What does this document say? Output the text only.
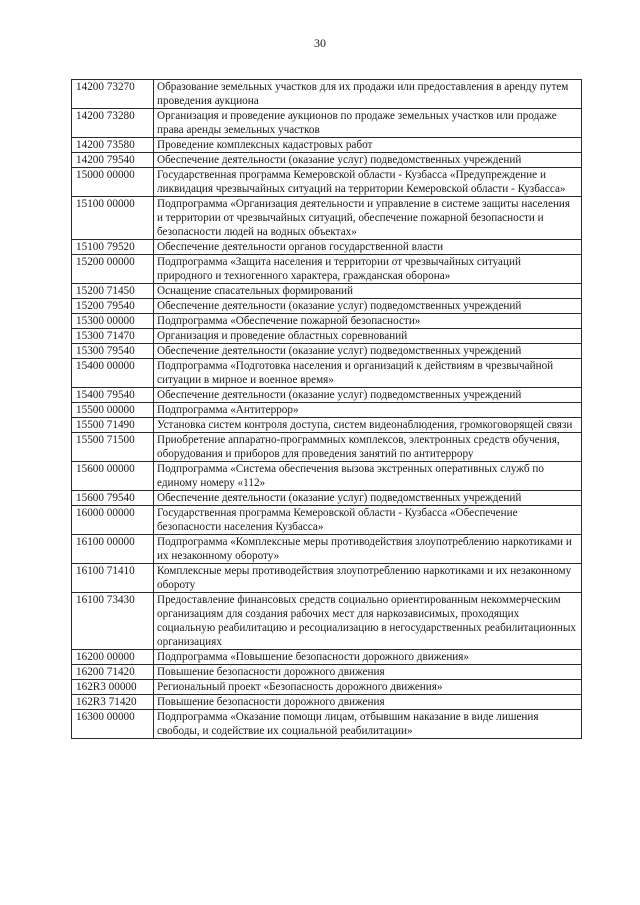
30
14200 73270	Образование земельных участков для их продажи или предоставления в аренду путем проведения аукциона
14200 73280	Организация и проведение аукционов по продаже земельных участков или продаже права аренды земельных участков
14200 73580	Проведение комплексных кадастровых работ
14200 79540	Обеспечение деятельности (оказание услуг) подведомственных учреждений
15000 00000	Государственная программа Кемеровской области - Кузбасса «Предупреждение и ликвидация чрезвычайных ситуаций на территории Кемеровской области - Кузбасса»
15100 00000	Подпрограмма «Организация деятельности и управление в системе защиты населения и территории от чрезвычайных ситуаций, обеспечение пожарной безопасности и безопасности людей на водных объектах»
15100 79520	Обеспечение деятельности органов государственной власти
15200 00000	Подпрограмма «Защита населения и территории от чрезвычайных ситуаций природного и техногенного характера, гражданская оборона»
15200 71450	Оснащение спасательных формирований
15200 79540	Обеспечение деятельности (оказание услуг) подведомственных учреждений
15300 00000	Подпрограмма «Обеспечение пожарной безопасности»
15300 71470	Организация и проведение областных соревнований
15300 79540	Обеспечение деятельности (оказание услуг) подведомственных учреждений
15400 00000	Подпрограмма «Подготовка населения и организаций к действиям в чрезвычайной ситуации в мирное и военное время»
15400 79540	Обеспечение деятельности (оказание услуг) подведомственных учреждений
15500 00000	Подпрограмма «Антитеррор»
15500 71490	Установка систем контроля доступа, систем видеонаблюдения, громкоговорящей связи
15500 71500	Приобретение аппаратно-программных комплексов, электронных средств обучения, оборудования и приборов для проведения занятий по антитеррору
15600 00000	Подпрограмма «Система обеспечения вызова экстренных оперативных служб по единому номеру «112»
15600 79540	Обеспечение деятельности (оказание услуг) подведомственных учреждений
16000 00000	Государственная программа Кемеровской области - Кузбасса «Обеспечение безопасности населения Кузбасса»
16100 00000	Подпрограмма «Комплексные меры противодействия злоупотреблению наркотиками и их незаконному обороту»
16100 71410	Комплексные меры противодействия злоупотреблению наркотиками и их незаконному обороту
16100 73430	Предоставление финансовых средств социально ориентированным некоммерческим организациям для создания рабочих мест для наркозависимых, проходящих социальную реабилитацию и ресоциализацию в негосударственных реабилитационных организациях
16200 00000	Подпрограмма «Повышение безопасности дорожного движения»
16200 71420	Повышение безопасности дорожного движения
162R3 00000	Региональный проект «Безопасность дорожного движения»
162R3 71420	Повышение безопасности дорожного движения
16300 00000	Подпрограмма «Оказание помощи лицам, отбывшим наказание в виде лишения свободы, и содействие их социальной реабилитации»
